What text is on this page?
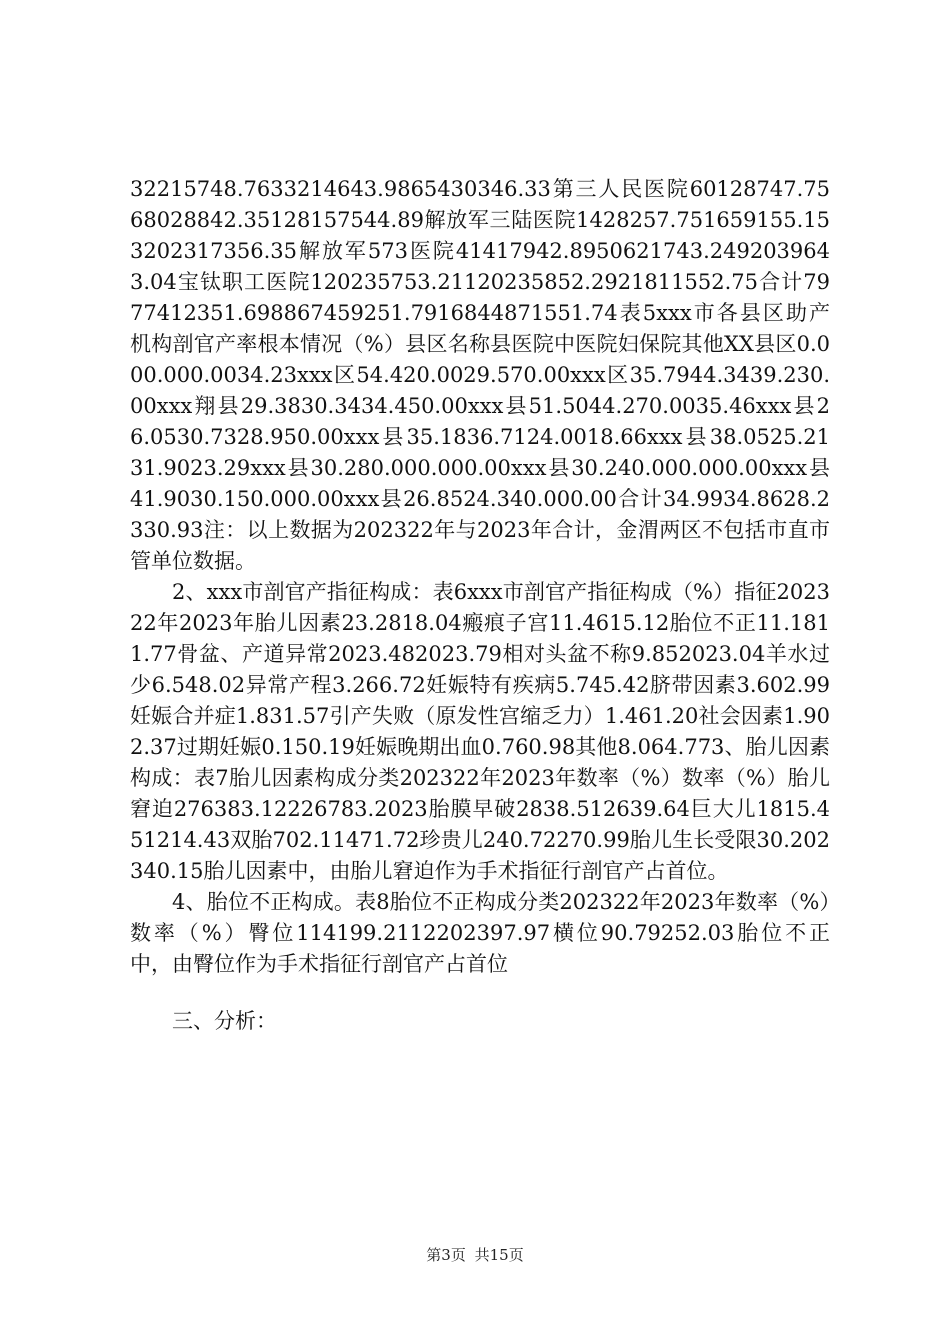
32215748.7633214643.9865430346.33第三人民医院60128747.7568028842.35128157544.89解放军三陆医院1428257.751659155.153202317356.35解放军573医院41417942.8950621743.2492039643.04宝钛职工医院120235753.21120235852.2921811552.75合计7977412351.698867459251.7916844871551.74表5xxx市各县区助产机构剖官产率根本情况（%）县区名称县医院中医院妇保院其他XX县区0.000.000.0034.23xxx区54.420.0029.570.00xxx区35.7944.3439.230.00xxx翔县29.3830.3434.450.00xxx县51.5044.270.0035.46xxx县26.0530.7328.950.00xxx县35.1836.7124.0018.66xxx县38.0525.2131.9023.29xxx县30.280.000.000.00xxx县30.240.000.000.00xxx县41.9030.150.000.00xxx县26.8524.340.000.00合计34.9934.8628.2330.93注：以上数据为202322年与2023年合计，金渭两区不包括市直市管单位数据。

2、xxx市剖官产指征构成：表6xxx市剖官产指征构成（%）指征202322年2023年胎儿因素23.2818.04瘢痕子宫11.4615.12胎位不正11.1811.77骨盆、产道异常2023.482023.79相对头盆不称9.852023.04羊水过少6.548.02异常产程3.266.72妊娠特有疾病5.745.42脐带因素3.602.99妊娠合并症1.831.57引产失败（原发性宫缩乏力）1.461.20社会因素1.902.37过期妊娠0.150.19妊娠晚期出血0.760.98其他8.064.773、胎儿因素构成：表7胎儿因素构成分类202322年2023年数率（%）数率（%）胎儿窘迫276383.12226783.2023胎膜早破2838.512639.64巨大儿1815.451214.43双胎702.11471.72珍贵儿240.72270.99胎儿生长受限30.202340.15胎儿因素中，由胎儿窘迫作为手术指征行剖官产占首位。

4、胎位不正构成。表8胎位不正构成分类202322年2023年数率（%）数率（%）臀位114199.2112202397.97横位90.79252.03胎位不正中，由臀位作为手术指征行剖官产占首位

三、分析：

第3页 共15页
